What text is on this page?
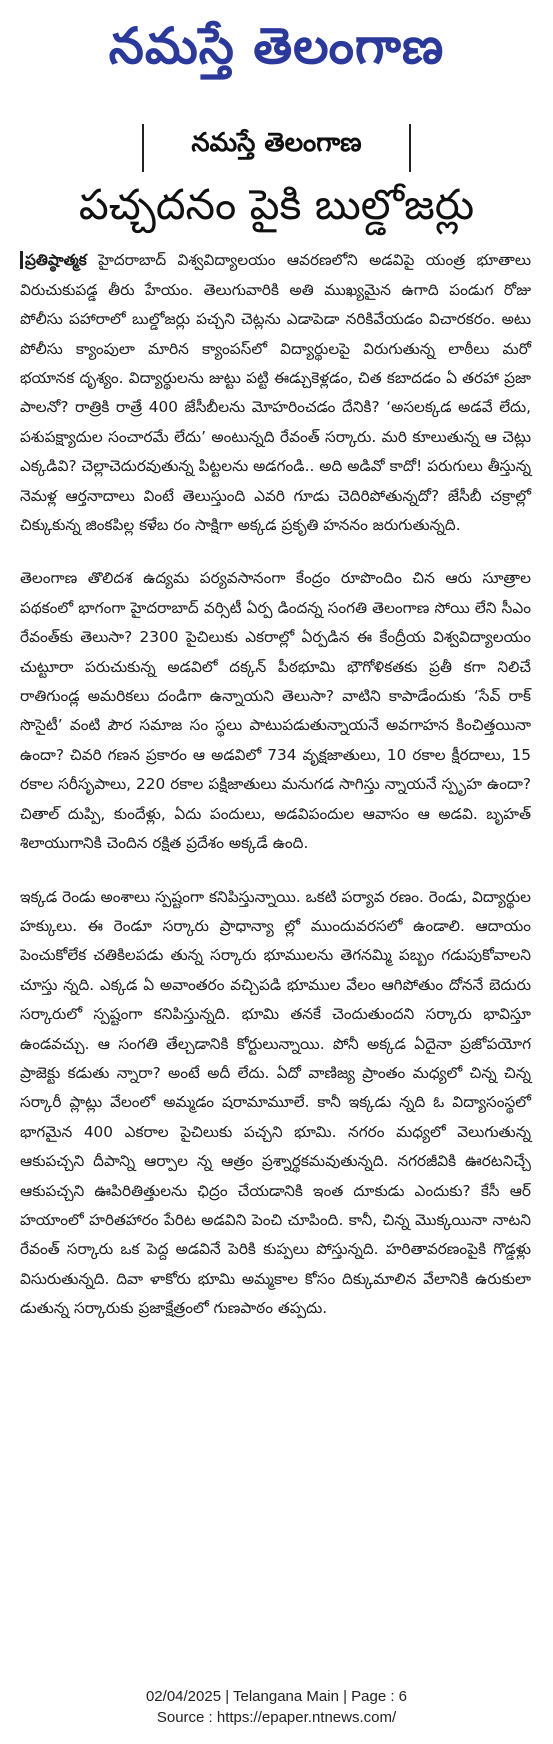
నమస్తే తెలంగాణ
నమస్తే తెలంగాణ
పచ్చదనం పైకి బుల్డోజర్లు

ప్రతిష్ఠాత్మక హైదరాబాద్ విశ్వవిద్యాలయం ఆవరణలోని అడవిపై యంత్ర భూతాలు విరుచుకుపడ్డ తీరు హేయం. తెలుగువారికి అతి ముఖ్యమైన ఉగాది పండుగ రోజు పోలీసు పహారాలో బుల్డోజర్లు పచ్చని చెట్లను ఎడాపెడా నరికివేయడం విచారకరం. అటు పోలీసు క్యాంపులా మారిన క్యాంపస్‌లో విద్యార్థులపై విరుగుతున్న లాఠీలు మరో భయానక దృశ్యం. విద్యార్థులను జుట్టు పట్టి ఈడ్చుకెళ్లడం, చిత కబాదడం ఏ తరహా ప్రజా పాలనో? రాత్రికి రాత్రే 400 జేసీబీలను మోహరించడం దేనికి? ‘అసలక్కడ అడవే లేదు, పశుపక్ష్యాదుల సంచారమే లేదు’ అంటున్నది రేవంత్ సర్కారు. మరి కూలుతున్న ఆ చెట్లు ఎక్కడివి? చెల్లాచెదురవుతున్న పిట్టలను అడగండి.. అది అడివో కాదో! పరుగులు తీస్తున్న నెమళ్ల ఆర్తనాదాలు వింటే తెలుస్తుంది ఎవరి గూడు చెదిరిపోతున్నదో? జేసీబీ చక్రాల్లో చిక్కుకున్న జింకపిల్ల కళేబ రం సాక్షిగా అక్కడ ప్రకృతి హననం జరుగుతున్నది.

తెలంగాణ తొలిదశ ఉద్యమ పర్యవసానంగా కేంద్రం రూపొందిం చిన ఆరు సూత్రాల పథకంలో భాగంగా హైదరాబాద్ వర్సిటీ ఏర్ప డిందన్న సంగతి తెలంగాణ సోయి లేని సీఎం రేవంత్‌కు తెలుసా? 2300 పైచిలుకు ఎకరాల్లో ఏర్పడిన ఈ కేంద్రీయ విశ్వవిద్యాలయం చుట్టూరా పరుచుకున్న అడవిలో దక్కన్ పీఠభూమి భౌగోళికతకు ప్రతీ కగా నిలిచే రాతిగుండ్ల అమరికలు దండిగా ఉన్నాయని తెలుసా? వాటిని కాపాడేందుకు ‘సేవ్ రాక్ సొసైటీ’ వంటి పౌర సమాజ సం స్థలు పాటుపడుతున్నాయనే అవగాహన కించిత్తయినా ఉందా? చివరి గణన ప్రకారం ఆ అడవిలో 734 వృక్షజాతులు, 10 రకాల క్షీరదాలు, 15 రకాల సరీసృపాలు, 220 రకాల పక్షిజాతులు మనుగడ సాగిస్తు న్నాయనే స్పృహ ఉందా? చితాల్ దుప్పి, కుందేళ్లు, ఏదు పందులు, అడవిపందుల ఆవాసం ఆ అడవి. బృహత్ శిలాయుగానికి చెందిన రక్షిత ప్రదేశం అక్కడే ఉంది.

ఇక్కడ రెండు అంశాలు స్పష్టంగా కనిపిస్తున్నాయి. ఒకటి పర్యావ రణం. రెండు, విద్యార్థుల హక్కులు. ఈ రెండూ సర్కారు ప్రాధాన్యా ల్లో ముందువరసలో ఉండాలి. ఆదాయం పెంచుకోలేక చతికిలపడు తున్న సర్కారు భూములను తెగనమ్మి పబ్బం గడుపుకోవాలని చూస్తు న్నది. ఎక్కడ ఏ అవాంతరం వచ్చిపడి భూముల వేలం ఆగిపోతుం దోననే బెదురు సర్కారులో స్పష్టంగా కనిపిస్తున్నది. భూమి తనకే చెందుతుందని సర్కారు భావిస్తూ ఉండవచ్చు. ఆ సంగతి తేల్చడానికి కోర్టులున్నాయి. పోనీ అక్కడ ఏదైనా ప్రజోపయోగ ప్రాజెక్టు కడుతు న్నారా? అంటే అదీ లేదు. ఏదో వాణిజ్య ప్రాంతం మధ్యలో చిన్న చిన్న సర్కారీ ప్లాట్లు వేలంలో అమ్మడం షరామామూలే. కానీ ఇక్కడు న్నది ఓ విద్యాసంస్థలో భాగమైన 400 ఎకరాల పైచిలుకు పచ్చని భూమి. నగరం మధ్యలో వెలుగుతున్న ఆకుపచ్చని దీపాన్ని ఆర్పాల న్న ఆత్రం ప్రశ్నార్థకమవుతున్నది. నగరజీవికి ఊరటనిచ్చే ఆకుపచ్చని ఊపిరితిత్తులను ఛిద్రం చేయడానికి ఇంత దూకుడు ఎందుకు? కేసీ ఆర్ హయాంలో హరితహారం పేరిట అడవిని పెంచి చూపింది. కానీ, చిన్న మొక్కయినా నాటని రేవంత్ సర్కారు ఒక పెద్ద అడవినే పెరికి కుప్పలు పోస్తున్నది. హరితావరణంపైకి గొడ్డళ్లు విసురుతున్నది. దివా ళాకోరు భూమి అమ్మకాల కోసం దిక్కుమాలిన వేలానికి ఉరుకులా డుతున్న సర్కారుకు ప్రజాక్షేత్రంలో గుణపాఠం తప్పదు.

02/04/2025 | Telangana Main | Page : 6
Source : https://epaper.ntnews.com/
